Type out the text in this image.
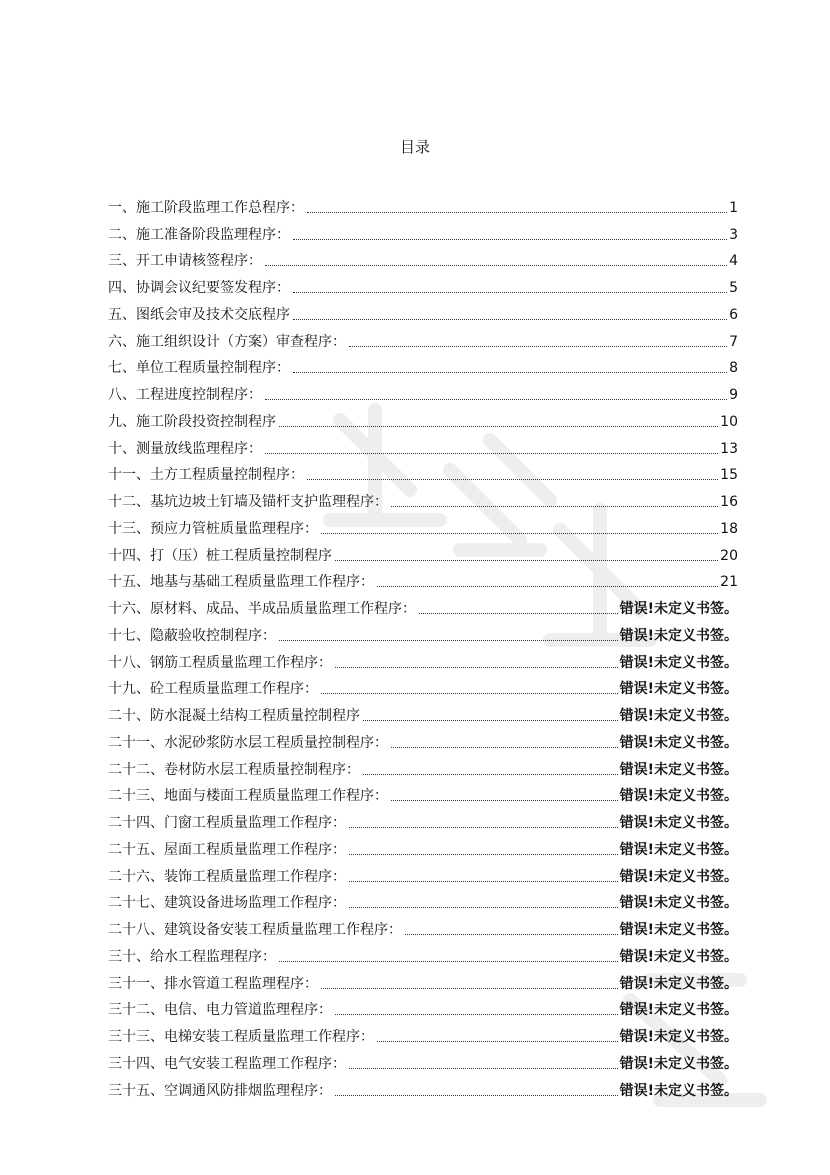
目录
一、施工阶段监理工作总程序：	1
二、施工准备阶段监理程序：	3
三、开工申请核签程序：	4
四、协调会议纪要签发程序：	5
五、图纸会审及技术交底程序	6
六、施工组织设计（方案）审查程序：	7
七、单位工程质量控制程序：	8
八、工程进度控制程序：	9
九、施工阶段投资控制程序	10
十、测量放线监理程序：	13
十一、土方工程质量控制程序：	15
十二、基坑边坡土钉墙及锚杆支护监理程序：	16
十三、预应力管桩质量监理程序：	18
十四、打（压）桩工程质量控制程序	20
十五、地基与基础工程质量监理工作程序：	21
十六、原材料、成品、半成品质量监理工作程序：	错误!未定义书签。
十七、隐蔽验收控制程序：	错误!未定义书签。
十八、钢筋工程质量监理工作程序：	错误!未定义书签。
十九、砼工程质量监理工作程序：	错误!未定义书签。
二十、防水混凝土结构工程质量控制程序	错误!未定义书签。
二十一、水泥砂浆防水层工程质量控制程序：	错误!未定义书签。
二十二、卷材防水层工程质量控制程序：	错误!未定义书签。
二十三、地面与楼面工程质量监理工作程序：	错误!未定义书签。
二十四、门窗工程质量监理工作程序：	错误!未定义书签。
二十五、屋面工程质量监理工作程序：	错误!未定义书签。
二十六、装饰工程质量监理工作程序：	错误!未定义书签。
二十七、建筑设备进场监理工作程序：	错误!未定义书签。
二十八、建筑设备安装工程质量监理工作程序：	错误!未定义书签。
三十、给水工程监理程序：	错误!未定义书签。
三十一、排水管道工程监理程序：	错误!未定义书签。
三十二、电信、电力管道监理程序：	错误!未定义书签。
三十三、电梯安装工程质量监理工作程序：	错误!未定义书签。
三十四、电气安装工程监理工作程序：	错误!未定义书签。
三十五、空调通风防排烟监理程序：	错误!未定义书签。
